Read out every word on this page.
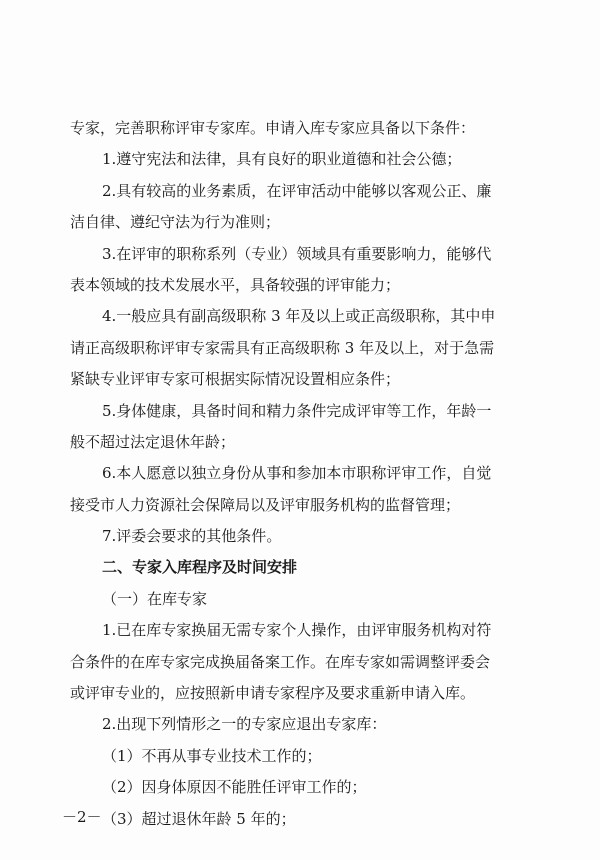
专家，完善职称评审专家库。申请入库专家应具备以下条件：
1.遵守宪法和法律，具有良好的职业道德和社会公德；
2.具有较高的业务素质，在评审活动中能够以客观公正、廉
洁自律、遵纪守法为行为准则；
3.在评审的职称系列（专业）领域具有重要影响力，能够代
表本领域的技术发展水平，具备较强的评审能力；
4.一般应具有副高级职称 3 年及以上或正高级职称，其中申
请正高级职称评审专家需具有正高级职称 3 年及以上，对于急需
紧缺专业评审专家可根据实际情况设置相应条件；
5.身体健康，具备时间和精力条件完成评审等工作，年龄一
般不超过法定退休年龄；
6.本人愿意以独立身份从事和参加本市职称评审工作，自觉
接受市人力资源社会保障局以及评审服务机构的监督管理；
7.评委会要求的其他条件。
二、专家入库程序及时间安排
（一）在库专家
1.已在库专家换届无需专家个人操作，由评审服务机构对符
合条件的在库专家完成换届备案工作。在库专家如需调整评委会
或评审专业的，应按照新申请专家程序及要求重新申请入库。
2.出现下列情形之一的专家应退出专家库：
（1）不再从事专业技术工作的；
（2）因身体原因不能胜任评审工作的；
（3）超过退休年龄 5 年的；
－2－
